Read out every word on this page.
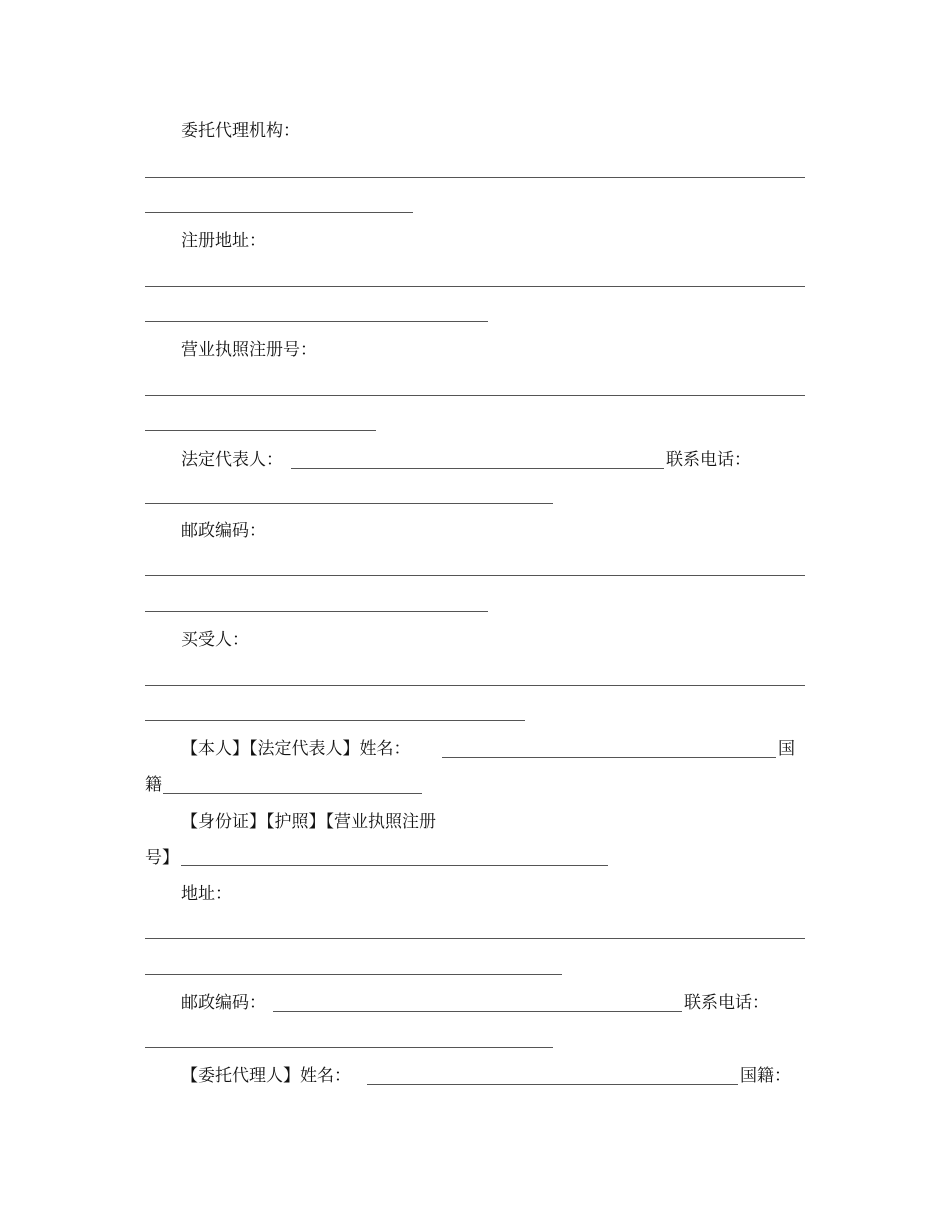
委托代理机构：
注册地址：
营业执照注册号：
法定代表人：	联系电话：
邮政编码：
买受人：
【本人】【法定代表人】姓名：	国
籍
【身份证】【护照】【营业执照注册
号】
地址：
邮政编码：	联系电话：
【委托代理人】姓名：	国籍：
